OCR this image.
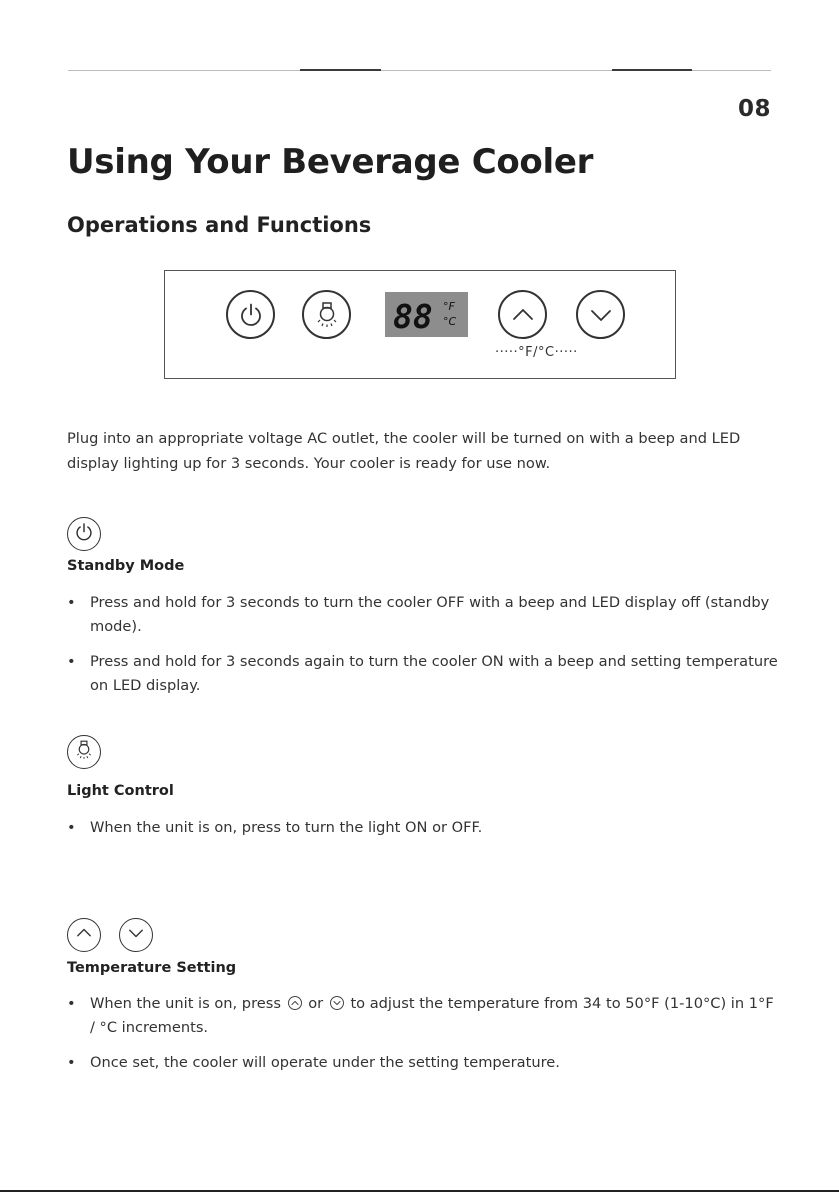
08
Using Your Beverage Cooler
Operations and Functions
88 °F
°C
·····°F/°C·····

Plug into an appropriate voltage AC outlet, the cooler will be turned on with a beep and LED display lighting up for 3 seconds. Your cooler is ready for use now.

Standby Mode
• Press and hold for 3 seconds to turn the cooler OFF with a beep and LED display off (standby mode).
• Press and hold for 3 seconds again to turn the cooler ON with a beep and setting temperature on LED display.
Light Control
• When the unit is on, press to turn the light ON or OFF.
Temperature Setting
• When the unit is on, press or to adjust the temperature from 34 to 50°F (1-10°C) in 1°F / °C increments.
• Once set, the cooler will operate under the setting temperature.
